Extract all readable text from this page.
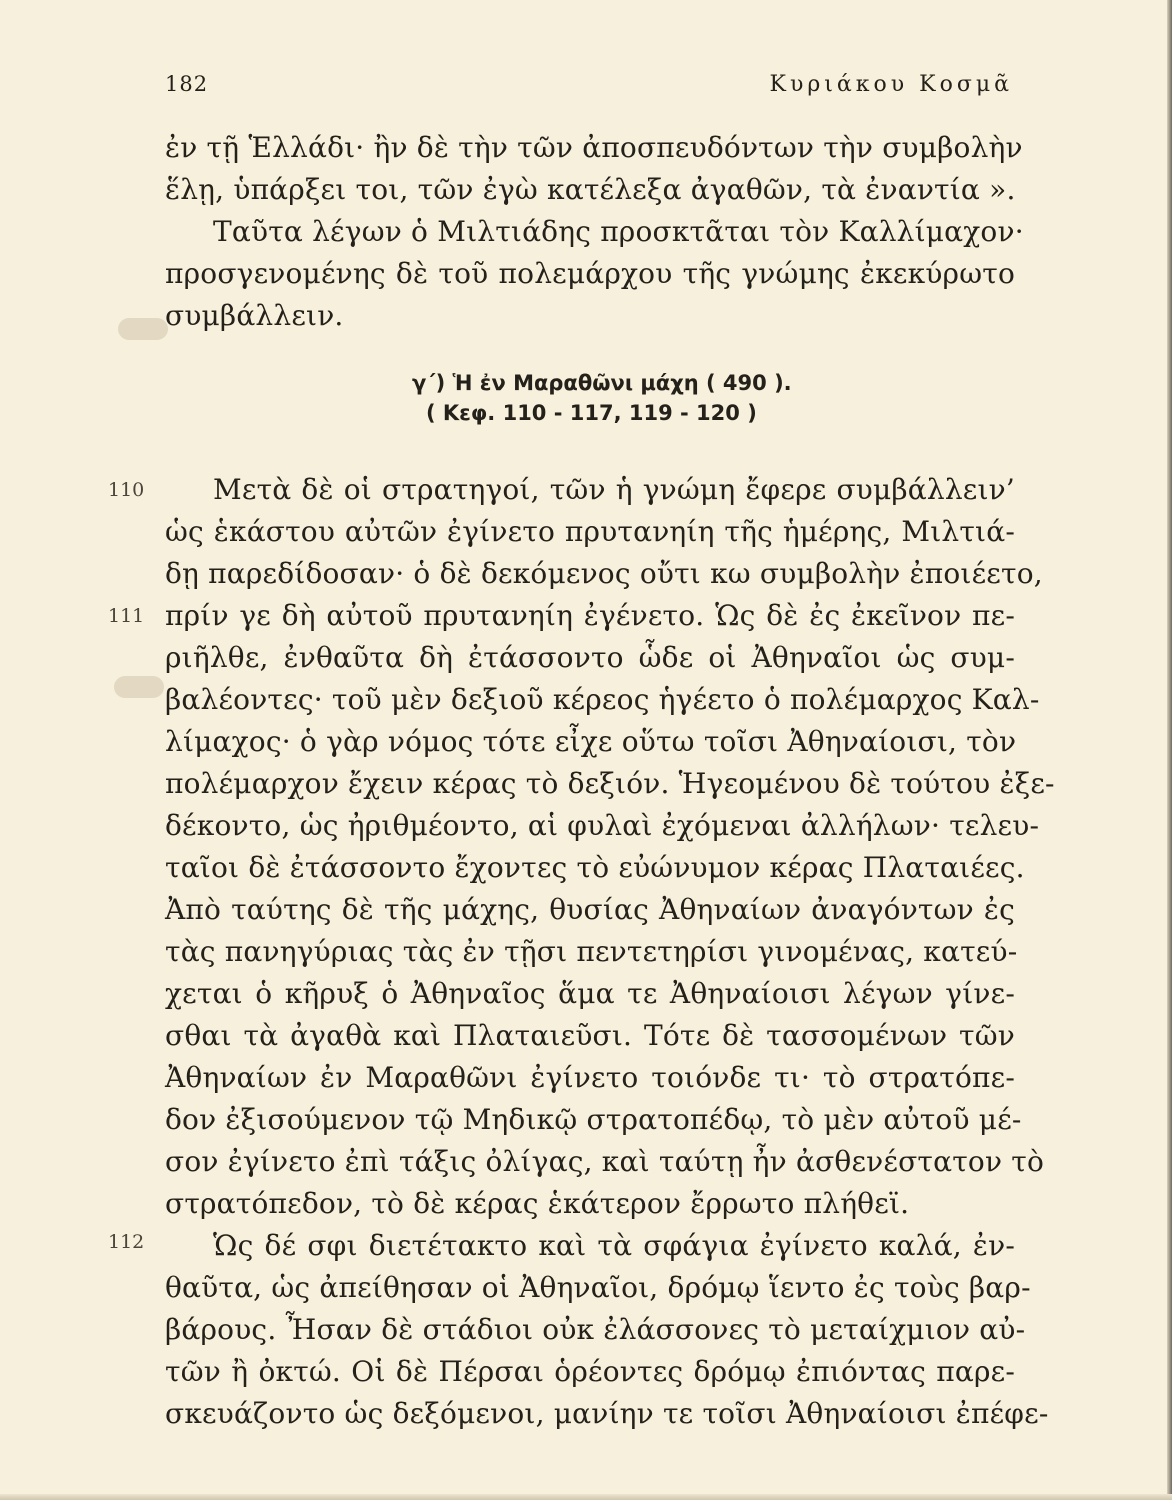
182	Κυριάκου Κοσμᾶ
ἐν τῇ Ἑλλάδι· ἢν δὲ τὴν τῶν ἀποσπευδόντων τὴν συμβολὴν
ἕλῃ, ὑπάρξει τοι, τῶν ἐγὼ κατέλεξα ἀγαθῶν, τὰ ἐναντία ».
Ταῦτα λέγων ὁ Μιλτιάδης προσκτᾶται τὸν Καλλίμαχον·
προσγενομένης δὲ τοῦ πολεμάρχου τῆς γνώμης ἐκεκύρωτο
συμβάλλειν.
γ΄) Ἡ ἐν Μαραθῶνι μάχη ( 490 ).
( Κεφ. 110 - 117, 119 - 120 )
110
111
112
Μετὰ δὲ οἱ στρατηγοί, τῶν ἡ γνώμη ἔφερε συμβάλλειν’
ὡς ἑκάστου αὐτῶν ἐγίνετο πρυτανηίη τῆς ἡμέρης, Μιλτιά-
δῃ παρεδίδοσαν· ὁ δὲ δεκόμενος οὔτι κω συμβολὴν ἐποιέετο,
πρίν γε δὴ αὐτοῦ πρυτανηίη ἐγένετο. Ὡς δὲ ἐς ἐκεῖνον πε-
ριῆλθε, ἐνθαῦτα δὴ ἐτάσσοντο ὧδε οἱ Ἀθηναῖοι ὡς συμ-
βαλέοντες· τοῦ μὲν δεξιοῦ κέρεος ἡγέετο ὁ πολέμαρχος Καλ-
λίμαχος· ὁ γὰρ νόμος τότε εἶχε οὕτω τοῖσι Ἀθηναίοισι, τὸν
πολέμαρχον ἔχειν κέρας τὸ δεξιόν. Ἡγεομένου δὲ τούτου ἐξε-
δέκοντο, ὡς ἠριθμέοντο, αἱ φυλαὶ ἐχόμεναι ἀλλήλων· τελευ-
ταῖοι δὲ ἐτάσσοντο ἔχοντες τὸ εὐώνυμον κέρας Πλαταιέες.
Ἀπὸ ταύτης δὲ τῆς μάχης, θυσίας Ἀθηναίων ἀναγόντων ἐς
τὰς πανηγύριας τὰς ἐν τῇσι πεντετηρίσι γινομένας, κατεύ-
χεται ὁ κῆρυξ ὁ Ἀθηναῖος ἅμα τε Ἀθηναίοισι λέγων γίνε-
σθαι τὰ ἀγαθὰ καὶ Πλαταιεῦσι. Τότε δὲ τασσομένων τῶν
Ἀθηναίων ἐν Μαραθῶνι ἐγίνετο τοιόνδε τι· τὸ στρατόπε-
δον ἐξισούμενον τῷ Μηδικῷ στρατοπέδῳ, τὸ μὲν αὐτοῦ μέ-
σον ἐγίνετο ἐπὶ τάξις ὀλίγας, καὶ ταύτῃ ἦν ἀσθενέστατον τὸ
στρατόπεδον, τὸ δὲ κέρας ἑκάτερον ἔρρωτο πλήθεϊ.
Ὡς δέ σφι διετέτακτο καὶ τὰ σφάγια ἐγίνετο καλά, ἐν-
θαῦτα, ὡς ἀπείθησαν οἱ Ἀθηναῖοι, δρόμῳ ἵεντο ἐς τοὺς βαρ-
βάρους. Ἦσαν δὲ στάδιοι οὐκ ἐλάσσονες τὸ μεταίχμιον αὐ-
τῶν ἢ ὀκτώ. Οἱ δὲ Πέρσαι ὁρέοντες δρόμῳ ἐπιόντας παρε-
σκευάζοντο ὡς δεξόμενοι, μανίην τε τοῖσι Ἀθηναίοισι ἐπέφε-
